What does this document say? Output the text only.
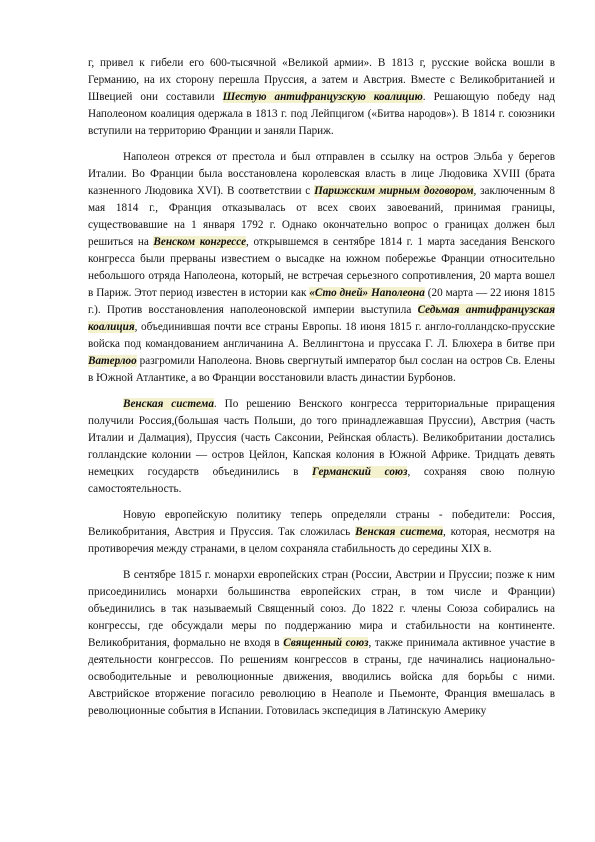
г, привел к гибели его 600-тысячной «Великой армии». В 1813 г, русские войска вошли в Германию, на их сторону перешла Пруссия, а затем и Австрия. Вместе с Великобританией и Швецией они составили Шестую антифранцузскую коалицию. Решающую победу над Наполеоном коалиция одержала в 1813 г. под Лейпцигом («Битва народов»). В 1814 г. союзники вступили на территорию Франции и заняли Париж.

Наполеон отрекся от престола и был отправлен в ссылку на остров Эльба у берегов Италии. Во Франции была восстановлена королевская власть в лице Людовика XVIII (брата казненного Людовика XVI). В соответствии с Парижским мирным договором, заключенным 8 мая 1814 г., Франция отказывалась от всех своих завоеваний, принимая границы, существовавшие на 1 января 1792 г. Однако окончательно вопрос о границах должен был решиться на Венском конгрессе, открывшемся в сентябре 1814 г. 1 марта заседания Венского конгресса были прерваны известием о высадке на южном побережье Франции относительно небольшого отряда Наполеона, который, не встречая серьезного сопротивления, 20 марта вошел в Париж. Этот период известен в истории как «Сто дней» Наполеона (20 марта — 22 июня 1815 г.). Против восстановления наполеоновской империи выступила Седьмая антифранцузская коалиция, объединившая почти все страны Европы. 18 июня 1815 г. англо-голландско-прусские войска под командованием англичанина А. Веллингтона и пруссака Г. Л. Блюхера в битве при Ватерлоо разгромили Наполеона. Вновь свергнутый император был сослан на остров Св. Елены в Южной Атлантике, а во Франции восстановили власть династии Бурбонов.

Венская система. По решению Венского конгресса территориальные приращения получили Россия,(большая часть Польши, до того принадлежавшая Пруссии), Австрия (часть Италии и Далмация), Пруссия (часть Саксонии, Рейнская область). Великобритании достались голландские колонии — остров Цейлон, Капская колония в Южной Африке. Тридцать девять немецких государств объединились в Германский союз, сохраняя свою полную самостоятельность.

Новую европейскую политику теперь определяли страны - победители: Россия, Великобритания, Австрия и Пруссия. Так сложилась Венская система, которая, несмотря на противоречия между странами, в целом сохраняла стабильность до середины XIX в.

В сентябре 1815 г. монархи европейских стран (России, Австрии и Пруссии; позже к ним присоединились монархи большинства европейских стран, в том числе и Франции) объединились в так называемый Священный союз. До 1822 г. члены Союза собирались на конгрессы, где обсуждали меры по поддержанию мира и стабильности на континенте. Великобритания, формально не входя в Священный союз, также принимала активное участие в деятельности конгрессов. По решениям конгрессов в страны, где начинались национально-освободительные и революционные движения, вводились войска для борьбы с ними. Австрийское вторжение погасило революцию в Неаполе и Пьемонте, Франция вмешалась в революционные события в Испании. Готовилась экспедиция в Латинскую Америку
